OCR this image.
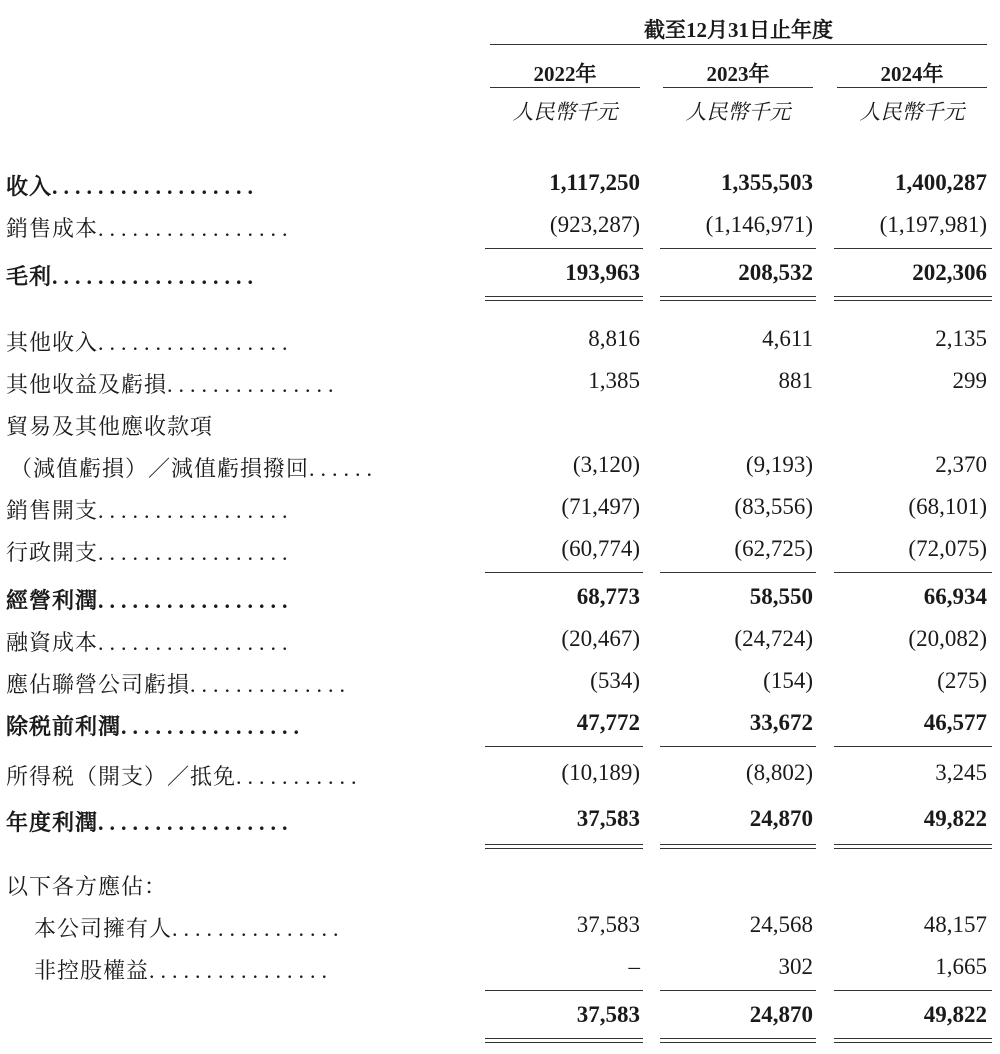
截至12月31日止年度
2022年	2023年	2024年
人民幣千元	人民幣千元	人民幣千元
收入..................	1,117,250	1,355,503	1,400,287
銷售成本.................	(923,287)	(1,146,971)	(1,197,981)
毛利..................	193,963	208,532	202,306
其他收入.................	8,816	4,611	2,135
其他收益及虧損...............	1,385	881	299
貿易及其他應收款項
（減值虧損）／減值虧損撥回......	(3,120)	(9,193)	2,370
銷售開支.................	(71,497)	(83,556)	(68,101)
行政開支.................	(60,774)	(62,725)	(72,075)
經營利潤.................	68,773	58,550	66,934
融資成本.................	(20,467)	(24,724)	(20,082)
應佔聯營公司虧損..............	(534)	(154)	(275)
除税前利潤................	47,772	33,672	46,577
所得税（開支）／抵免...........	(10,189)	(8,802)	3,245
年度利潤.................	37,583	24,870	49,822
以下各方應佔：
本公司擁有人...............	37,583	24,568	48,157
非控股權益................	–	302	1,665
37,583	24,870	49,822
